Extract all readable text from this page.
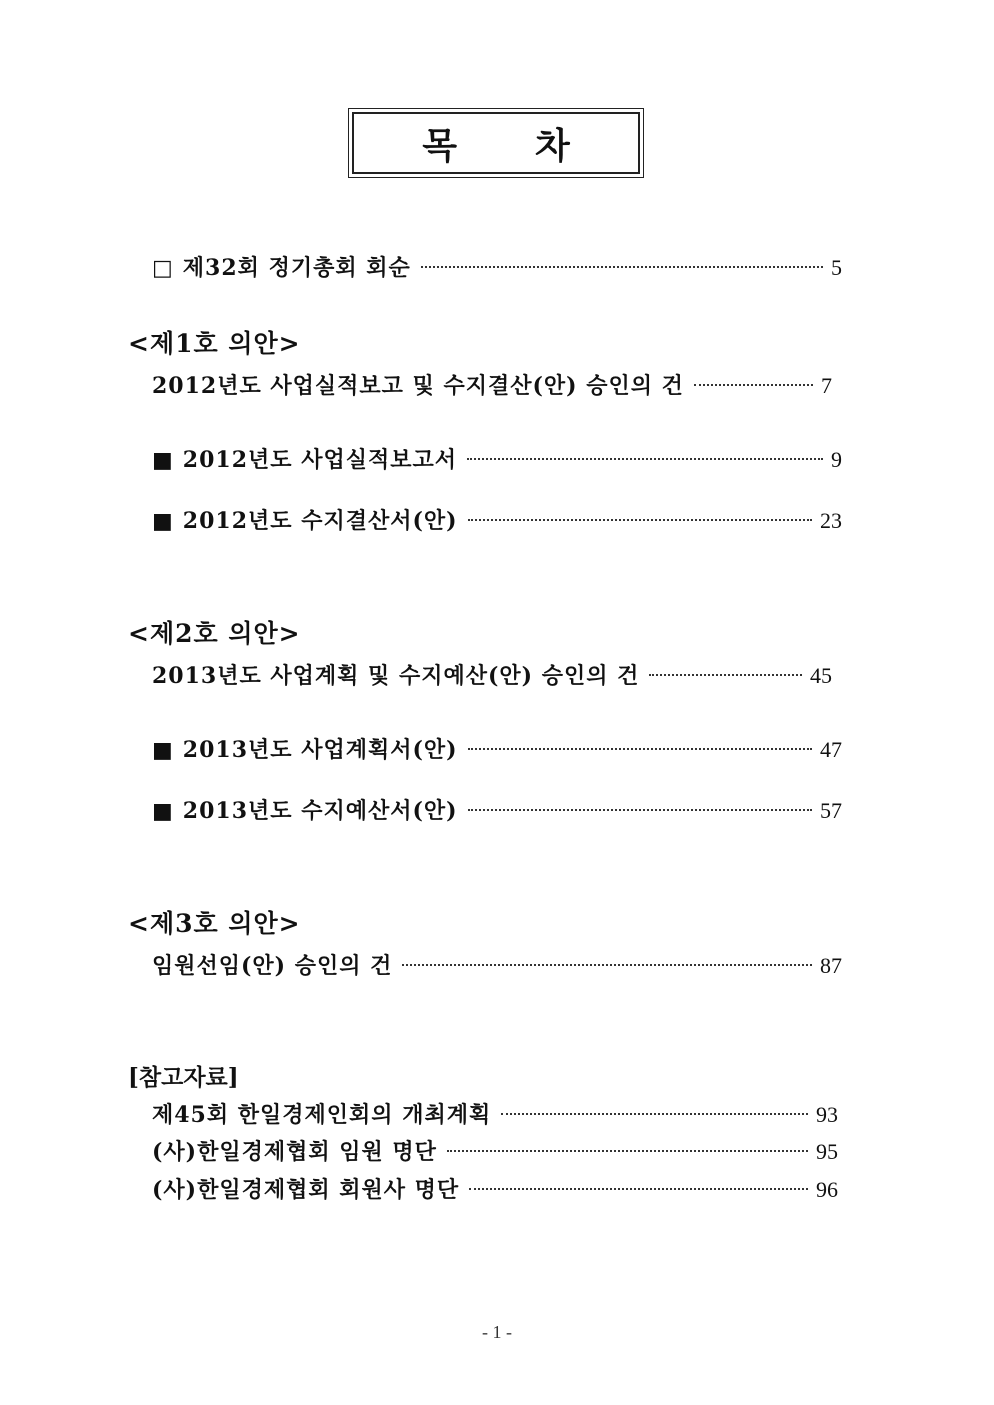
목 차
□ 제32회 정기총회 회순	5
<제1호 의안>
2012년도 사업실적보고 및 수지결산(안) 승인의 건	7
■ 2012년도 사업실적보고서	9
■ 2012년도 수지결산서(안)	23
<제2호 의안>
2013년도 사업계획 및 수지예산(안) 승인의 건	45
■ 2013년도 사업계획서(안)	47
■ 2013년도 수지예산서(안)	57
<제3호 의안>
임원선임(안) 승인의 건	87
[참고자료]
제45회 한일경제인회의 개최계획	93
(사)한일경제협회 임원 명단	95
(사)한일경제협회 회원사 명단	96
- 1 -
